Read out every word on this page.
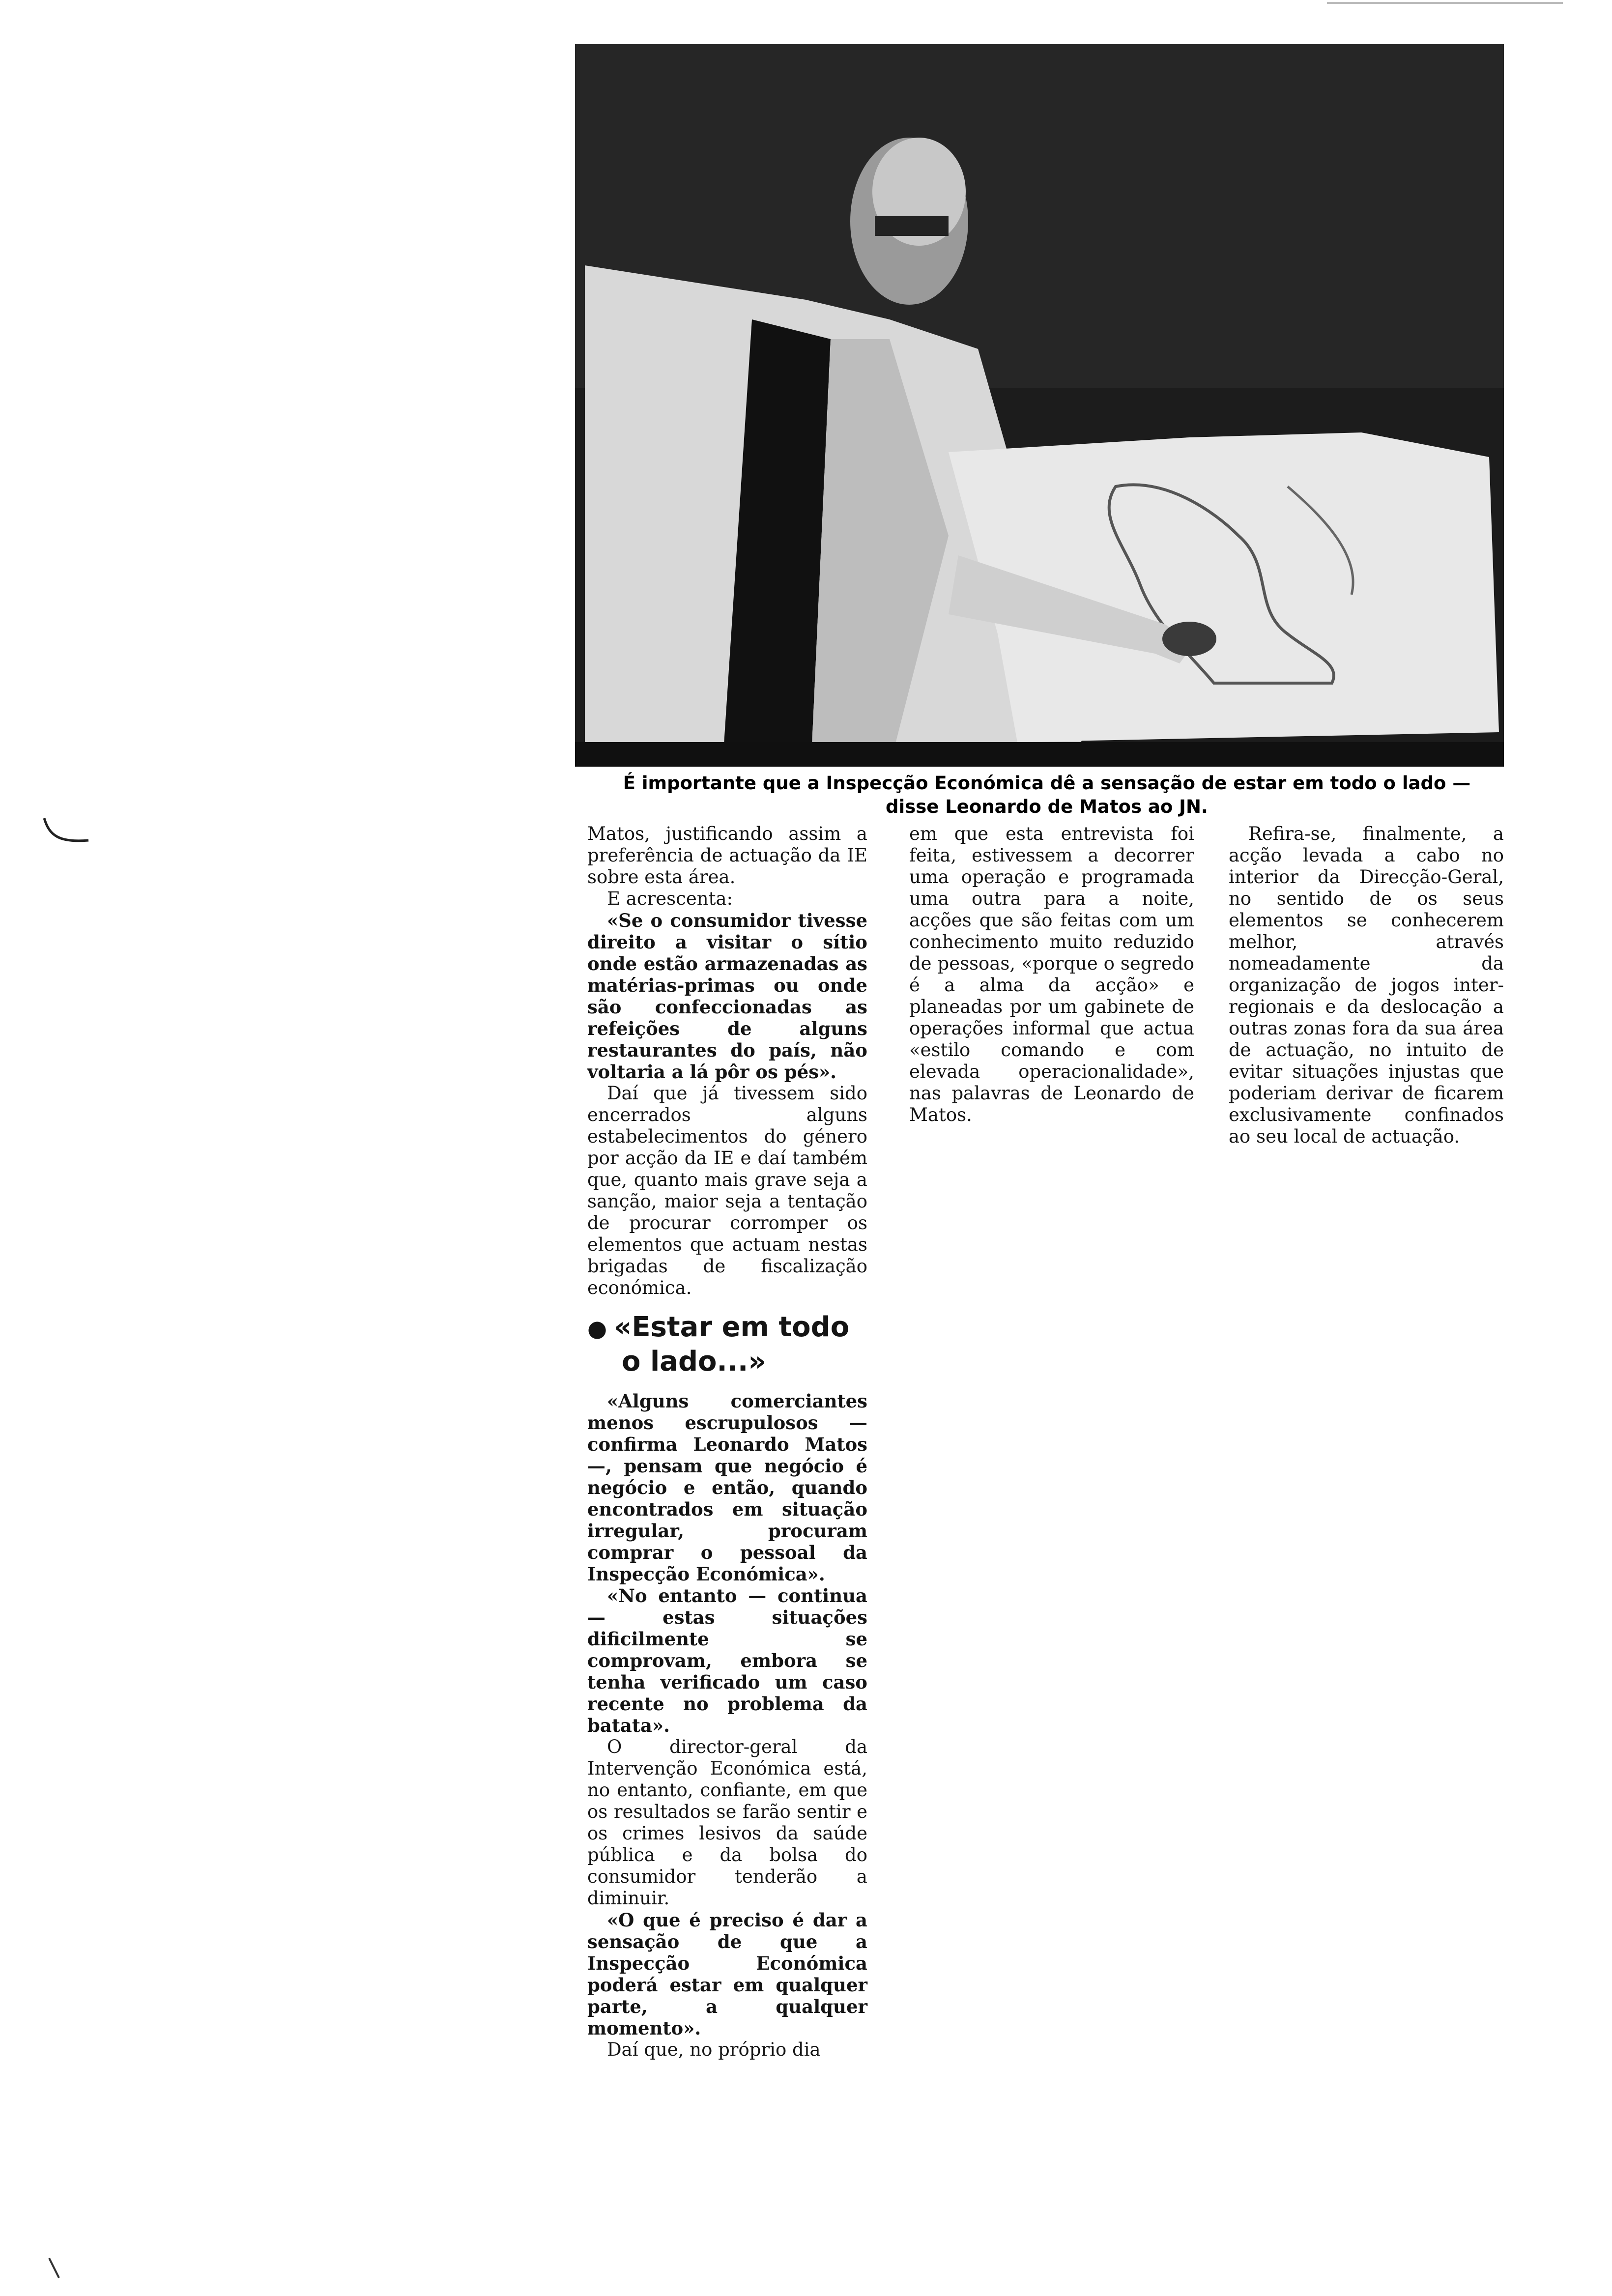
É importante que a Inspecção Económica dê a sensação de estar em todo o lado —
disse Leonardo de Matos ao JN.

Matos, justificando assim a preferência de actuação da IE sobre esta área.

E acrescenta:

«Se o consumidor tivesse direito a visitar o sítio onde estão armazenadas as matérias-primas ou onde são confeccionadas as refeições de alguns restaurantes do país, não voltaria a lá pôr os pés».

Daí que já tivessem sido encerrados alguns estabelecimentos do género por acção da IE e daí também que, quanto mais grave seja a sanção, maior seja a tentação de procurar corromper os elementos que actuam nestas brigadas de fiscalização económica.

● «Estar em todo
o lado...»

«Alguns comerciantes menos escrupulosos — confirma Leonardo Matos —, pensam que negócio é negócio e então, quando encontrados em situação irregular, procuram comprar o pessoal da Inspecção Económica».

«No entanto — continua — estas situações dificilmente se comprovam, embora se tenha verificado um caso recente no problema da batata».

O director-geral da Intervenção Económica está, no entanto, confiante, em que os resultados se farão sentir e os crimes lesivos da saúde pública e da bolsa do consumidor tenderão a diminuir.

«O que é preciso é dar a sensação de que a Inspecção Económica poderá estar em qualquer parte, a qualquer momento».

Daí que, no próprio dia

em que esta entrevista foi feita, estivessem a decorrer uma operação e programada uma outra para a noite, acções que são feitas com um conhecimento muito reduzido de pessoas, «porque o segredo é a alma da acção» e planeadas por um gabinete de operações informal que actua «estilo comando e com elevada operacionalidade», nas palavras de Leonardo de Matos.

Refira-se, finalmente, a acção levada a cabo no interior da Direcção-Geral, no sentido de os seus elementos se conhecerem melhor, através nomeadamente da organização de jogos inter-regionais e da deslocação a outras zonas fora da sua área de actuação, no intuito de evitar situações injustas que poderiam derivar de ficarem exclusivamente confinados ao seu local de actuação.
